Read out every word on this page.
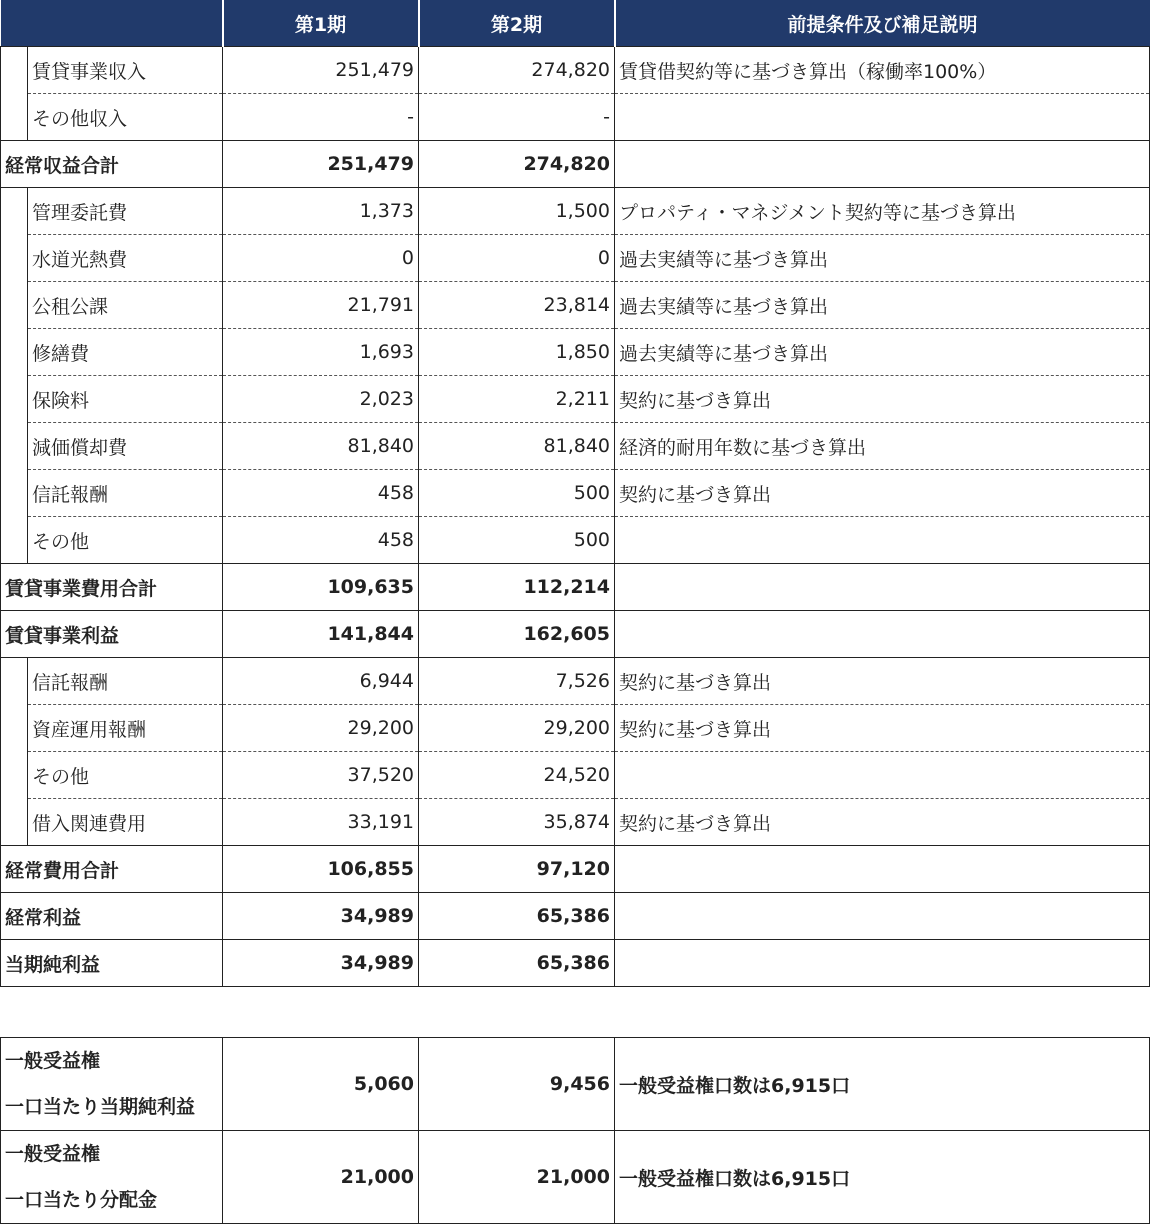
		第1期	第2期	前提条件及び補足説明
	賃貸事業収入	251,479	274,820	賃貸借契約等に基づき算出（稼働率100%）
	その他収入	-	-	
経常収益合計		251,479	274,820	
	管理委託費	1,373	1,500	プロパティ・マネジメント契約等に基づき算出
	水道光熱費	0	0	過去実績等に基づき算出
	公租公課	21,791	23,814	過去実績等に基づき算出
	修繕費	1,693	1,850	過去実績等に基づき算出
	保険料	2,023	2,211	契約に基づき算出
	減価償却費	81,840	81,840	経済的耐用年数に基づき算出
	信託報酬	458	500	契約に基づき算出
	その他	458	500	
賃貸事業費用合計		109,635	112,214	
賃貸事業利益		141,844	162,605	
	信託報酬	6,944	7,526	契約に基づき算出
	資産運用報酬	29,200	29,200	契約に基づき算出
	その他	37,520	24,520	
	借入関連費用	33,191	35,874	契約に基づき算出
経常費用合計		106,855	97,120	
経常利益		34,989	65,386	
当期純利益		34,989	65,386	
一般受益権
一口当たり当期純利益	5,060	9,456	一般受益権口数は6,915口

一般受益権
一口当たり分配金	21,000	21,000	一般受益権口数は6,915口
